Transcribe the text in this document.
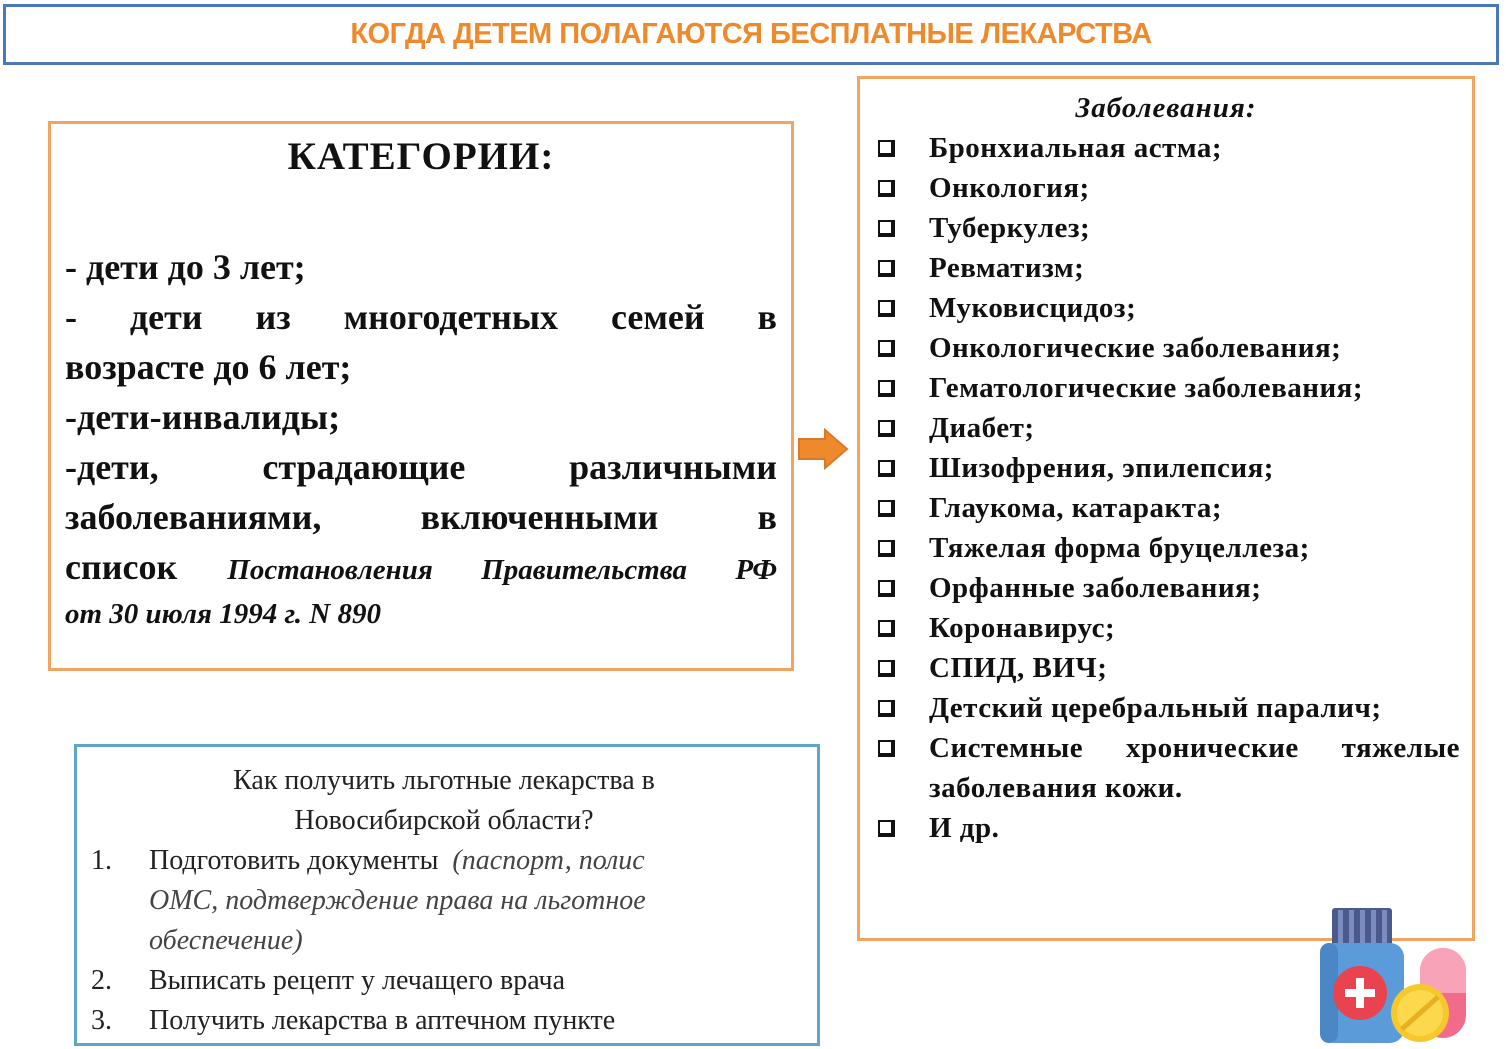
КОГДА ДЕТЕМ ПОЛАГАЮТСЯ БЕСПЛАТНЫЕ ЛЕКАРСТВА
КАТЕГОРИИ:

- дети до 3 лет;

- дети из многодетных семей в

возрасте до 6 лет;

-дети-инвалиды;

-дети, страдающие различными

заболеваниями, включенными в

список Постановления Правительства РФ

от 30 июля 1994 г. N 890

Заболевания:
Бронхиальная астма;
Онкология;
Туберкулез;
Ревматизм;
Муковисцидоз;
Онкологические заболевания;
Гематологические заболевания;
Диабет;
Шизофрения, эпилепсия;
Глаукома, катаракта;
Тяжелая форма бруцеллеза;
Орфанные заболевания;
Коронавирус;
СПИД, ВИЧ;
Детский церебральный паралич;
Системные хронические тяжелые
заболевания кожи.
И др.

Как получить льготные лекарства в

Новосибирской области?

1.	Подготовить документы (паспорт, полис
ОМС, подтверждение права на льготное
обеспечение)
2.	Выписать рецепт у лечащего врача
3.	Получить лекарства в аптечном пункте
